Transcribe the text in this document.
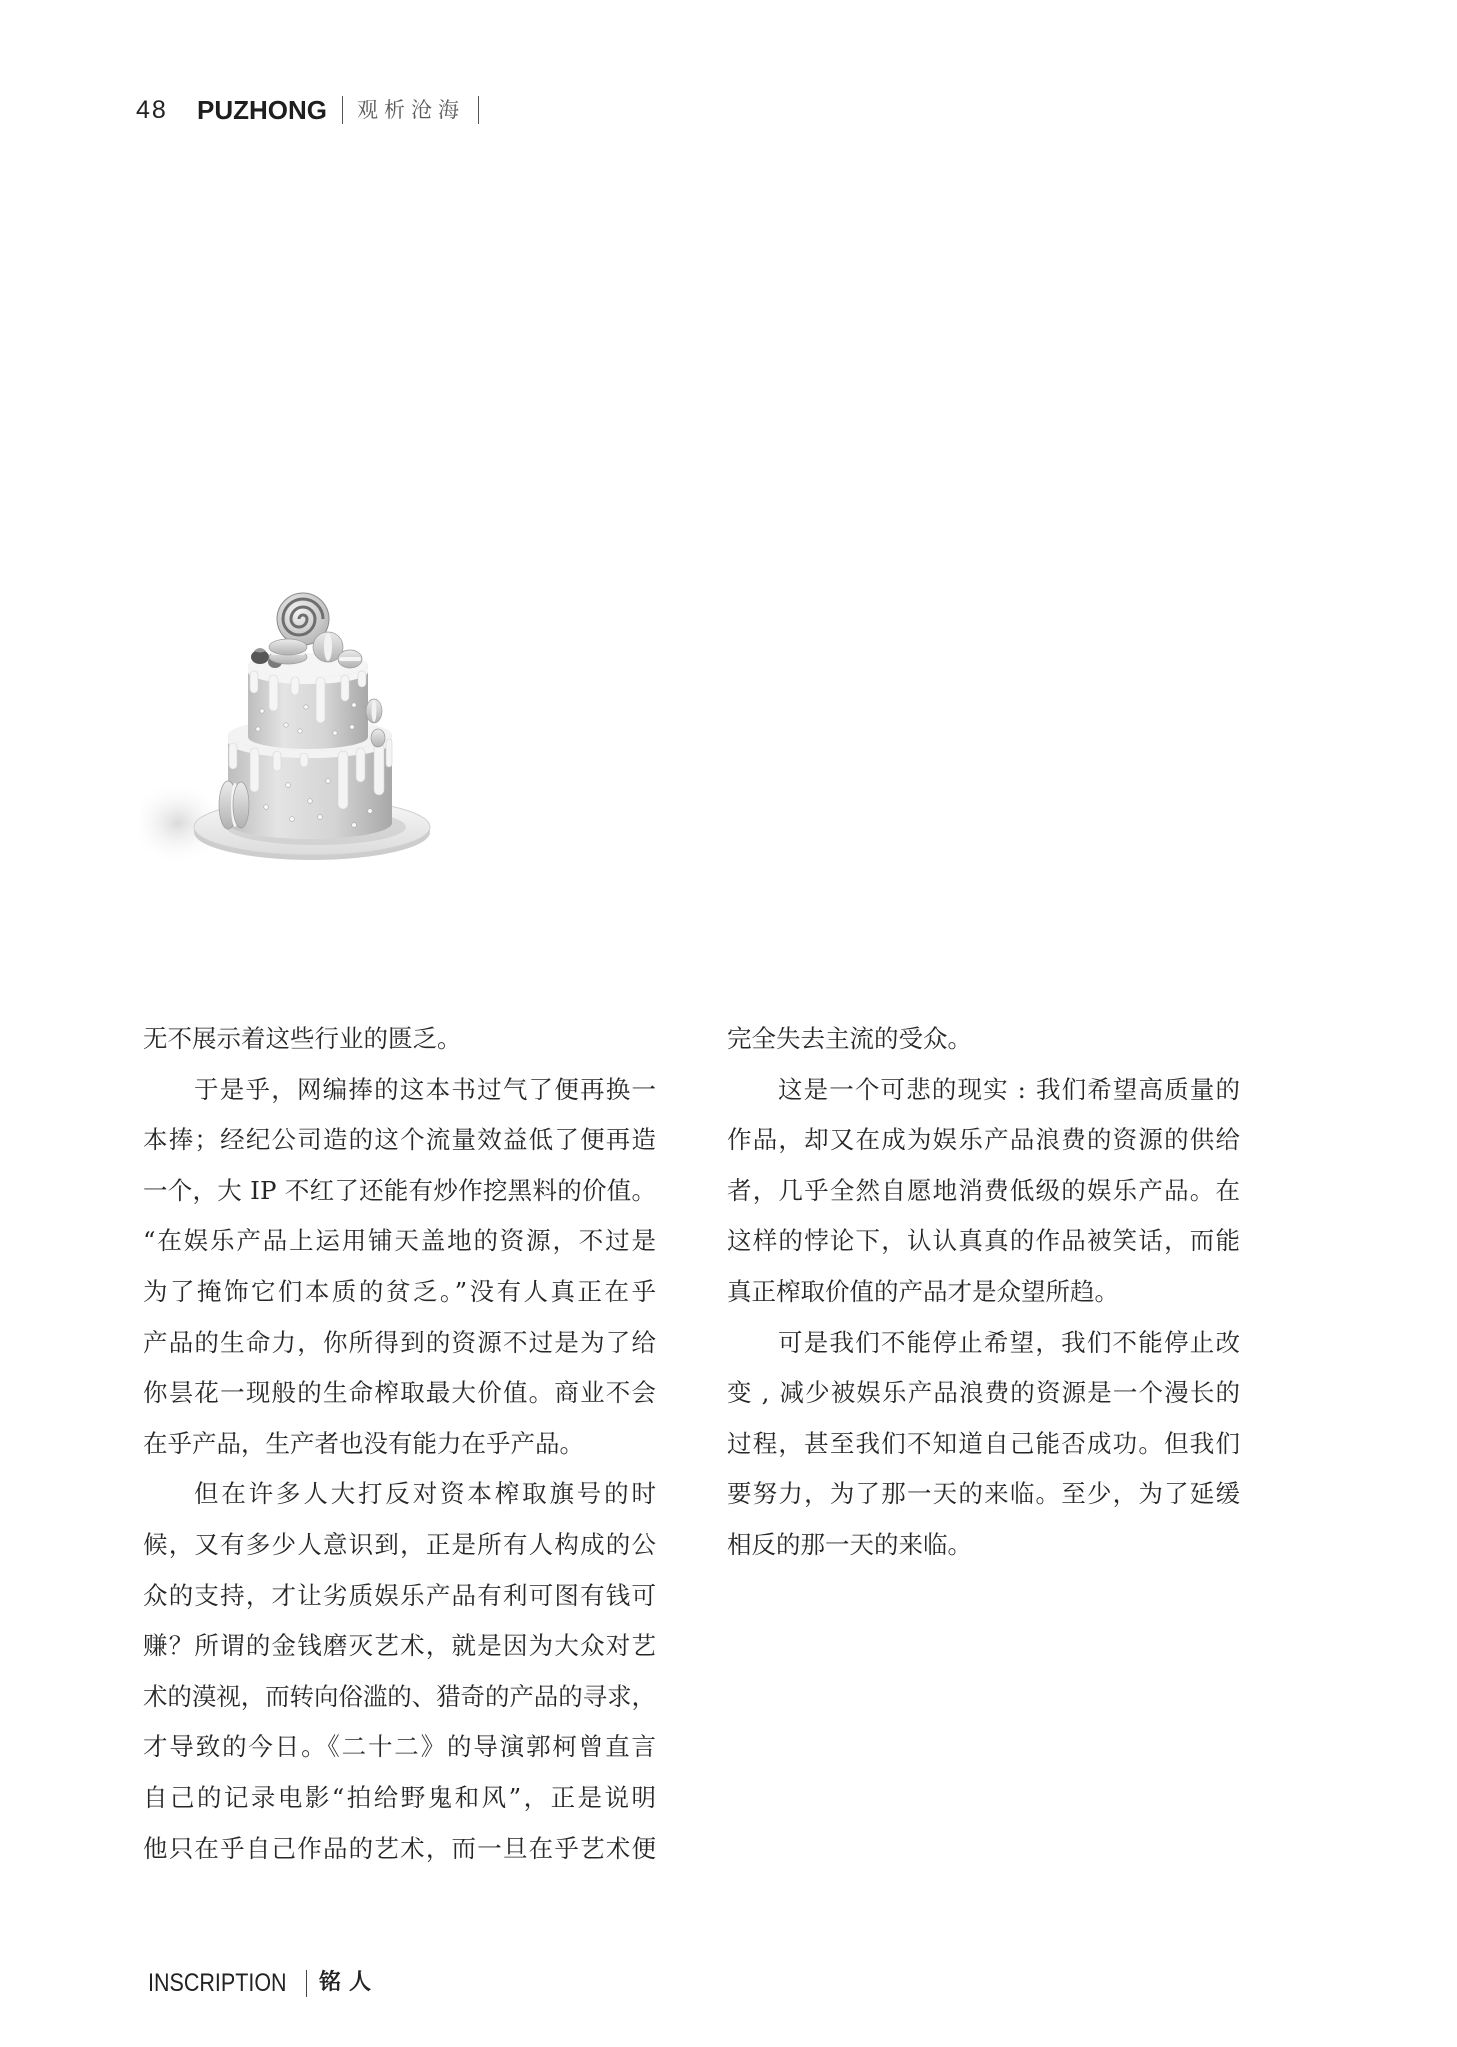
48 PUZHONG 观析沧海
无不展示着这些行业的匮乏。
于是乎，网编捧的这本书过气了便再换一
本捧；经纪公司造的这个流量效益低了便再造
一个，大 IP 不红了还能有炒作挖黑料的价值。
“在娱乐产品上运用铺天盖地的资源，不过是
为了掩饰它们本质的贫乏。”没有人真正在乎
产品的生命力，你所得到的资源不过是为了给
你昙花一现般的生命榨取最大价值。商业不会
在乎产品，生产者也没有能力在乎产品。
但在许多人大打反对资本榨取旗号的时
候，又有多少人意识到，正是所有人构成的公
众的支持，才让劣质娱乐产品有利可图有钱可
赚？所谓的金钱磨灭艺术，就是因为大众对艺
术的漠视，而转向俗滥的、猎奇的产品的寻求，
才导致的今日。《二十二》的导演郭柯曾直言
自己的记录电影“拍给野鬼和风”，正是说明
他只在乎自己作品的艺术，而一旦在乎艺术便
完全失去主流的受众。
这是一个可悲的现实 : 我们希望高质量的
作品，却又在成为娱乐产品浪费的资源的供给
者，几乎全然自愿地消费低级的娱乐产品。在
这样的悖论下，认认真真的作品被笑话，而能
真正榨取价值的产品才是众望所趋。
可是我们不能停止希望，我们不能停止改
变 , 减少被娱乐产品浪费的资源是一个漫长的
过程，甚至我们不知道自己能否成功。但我们
要努力，为了那一天的来临。至少，为了延缓
相反的那一天的来临。
INSCRIPTION 铭人
